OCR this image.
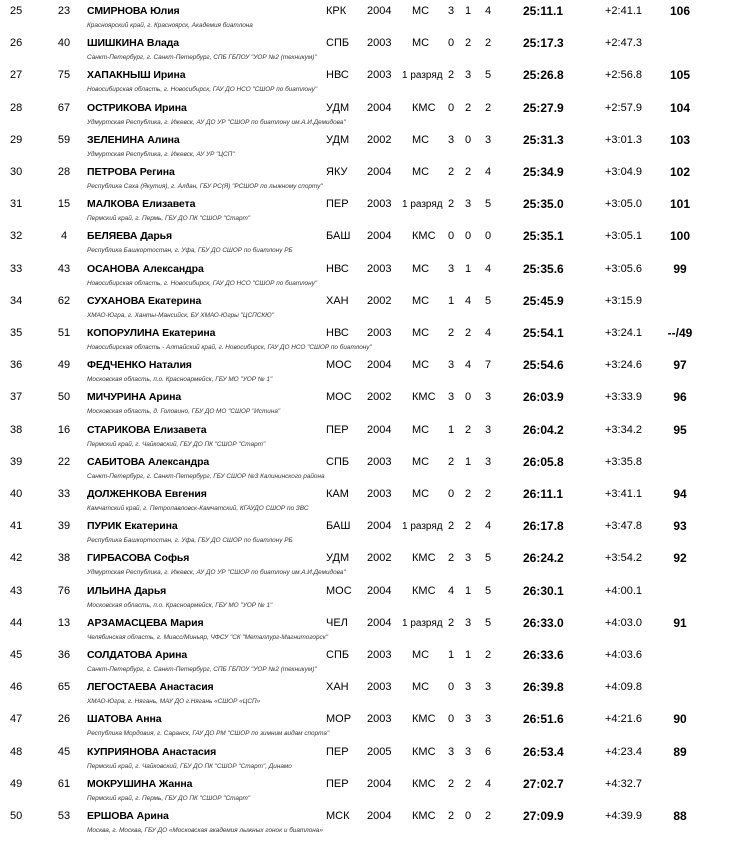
25	23	СМИРНОВА Юлия	КРК 2004 МС 3 1 4	25:11.1	+2:41.1	106
Красноярский край, г. Красноярск, Академия биатлона
26	40	ШИШКИНА Влада	СПБ 2003 МС 0 2 2	25:17.3	+2:47.3
Санкт-Петербург, г. Санкт-Петербург, СПБ ГБПОУ "УОР №2 (техникум)"
27	75	ХАПАКНЫШ Ирина	НВС 2003 1 разряд 2 3 5	25:26.8	+2:56.8	105
Новосибирская область, г. Новосибирск, ГАУ ДО НСО "СШОР по биатлону"
28	67	ОСТРИКОВА Ирина	УДМ 2004 КМС 0 2 2	25:27.9	+2:57.9	104
Удмуртская Республика, г. Ижевск, АУ ДО УР "СШОР по биатлону им.А.И.Демидова"
29	59	ЗЕЛЕНИНА Алина	УДМ 2002 МС 3 0 3	25:31.3	+3:01.3	103
Удмуртская Республика, г. Ижевск, АУ УР "ЦСП"
30	28	ПЕТРОВА Регина	ЯКУ 2004 МС 2 2 4	25:34.9	+3:04.9	102
Республика Саха (Якутия), г. Алдан, ГБУ РС(Я) "РСШОР по лыжному спорту"
31	15	МАЛКОВА Елизавета	ПЕР 2003 1 разряд 2 3 5	25:35.0	+3:05.0	101
Пермский край, г. Пермь, ГБУ ДО ПК "СШОР "Старт"
32	4	БЕЛЯЕВА Дарья	БАШ 2004 КМС 0 0 0	25:35.1	+3:05.1	100
Республика Башкортостан, г. Уфа, ГБУ ДО СШОР по биатлону РБ
33	43	ОСАНОВА Александра	НВС 2003 МС 3 1 4	25:35.6	+3:05.6	99
Новосибирская область, г. Новосибирск, ГАУ ДО НСО "СШОР по биатлону"
34	62	СУХАНОВА Екатерина	ХАН 2002 МС 1 4 5	25:45.9	+3:15.9
ХМАО-Югра, г. Ханты-Мансийск, БУ ХМАО-Югры "ЦСПСКЮ"
35	51	КОПОРУЛИНА Екатерина	НВС 2003 МС 2 2 4	25:54.1	+3:24.1	--/49
Новосибирская область - Алтайский край, г. Новосибирск, ГАУ ДО НСО "СШОР по биатлону"
36	49	ФЕДЧЕНКО Наталия	МОС 2004 МС 3 4 7	25:54.6	+3:24.6	97
Московская область, п.о. Красноармейск, ГБУ МО "УОР № 1"
37	50	МИЧУРИНА Арина	МОС 2002 КМС 3 0 3	26:03.9	+3:33.9	96
Московская область, д. Головино, ГБУ ДО МО "СШОР "Истина"
38	16	СТАРИКОВА Елизавета	ПЕР 2004 МС 1 2 3	26:04.2	+3:34.2	95
Пермский край, г. Чайковский, ГБУ ДО ПК "СШОР "Старт"
39	22	САБИТОВА Александра	СПБ 2003 МС 2 1 3	26:05.8	+3:35.8
Санкт-Петербург, г. Санкт-Петербург, ГБУ СШОР №3 Калининского района
40	33	ДОЛЖЕНКОВА Евгения	КАМ 2003 МС 0 2 2	26:11.1	+3:41.1	94
Камчатский край, г. Петропавловск-Камчатский, КГАУДО СШОР по ЗВС
41	39	ПУРИК Екатерина	БАШ 2004 1 разряд 2 2 4	26:17.8	+3:47.8	93
Республика Башкортостан, г. Уфа, ГБУ ДО СШОР по биатлону РБ
42	38	ГИРБАСОВА Софья	УДМ 2002 КМС 2 3 5	26:24.2	+3:54.2	92
Удмуртская Республика, г. Ижевск, АУ ДО УР "СШОР по биатлону им.А.И.Демидова"
43	76	ИЛЬИНА Дарья	МОС 2004 КМС 4 1 5	26:30.1	+4:00.1
Московская область, п.о. Красноармейск, ГБУ МО "УОР № 1"
44	13	АРЗАМАСЦЕВА Мария	ЧЕЛ 2004 1 разряд 2 3 5	26:33.0	+4:03.0	91
Челябинская область, г. Миасс/Миньяр, ЧФСУ "СК "Металлург-Магнитогорск"
45	36	СОЛДАТОВА Арина	СПБ 2003 МС 1 1 2	26:33.6	+4:03.6
Санкт-Петербург, г. Санкт-Петербург, СПБ ГБПОУ "УОР №2 (техникум)"
46	65	ЛЕГОСТАЕВА Анастасия	ХАН 2003 МС 0 3 3	26:39.8	+4:09.8
ХМАО-Югра, г. Нягань, МАУ ДО г.Нягань «СШОР «ЦСП»
47	26	ШАТОВА Анна	МОР 2003 КМС 0 3 3	26:51.6	+4:21.6	90
Республика Мордовия, г. Саранск, ГАУ ДО РМ "СШОР по зимним видам спорта"
48	45	КУПРИЯНОВА Анастасия	ПЕР 2005 КМС 3 3 6	26:53.4	+4:23.4	89
Пермский край, г. Чайковский, ГБУ ДО ПК "СШОР "Старт", Динамо
49	61	МОКРУШИНА Жанна	ПЕР 2004 КМС 2 2 4	27:02.7	+4:32.7
Пермский край, г. Пермь, ГБУ ДО ПК "СШОР "Старт"
50	53	ЕРШОВА Арина	МСК 2004 КМС 2 0 2	27:09.9	+4:39.9	88
Москва, г. Москва, ГБУ ДО «Московская академия лыжных гонок и биатлона»
